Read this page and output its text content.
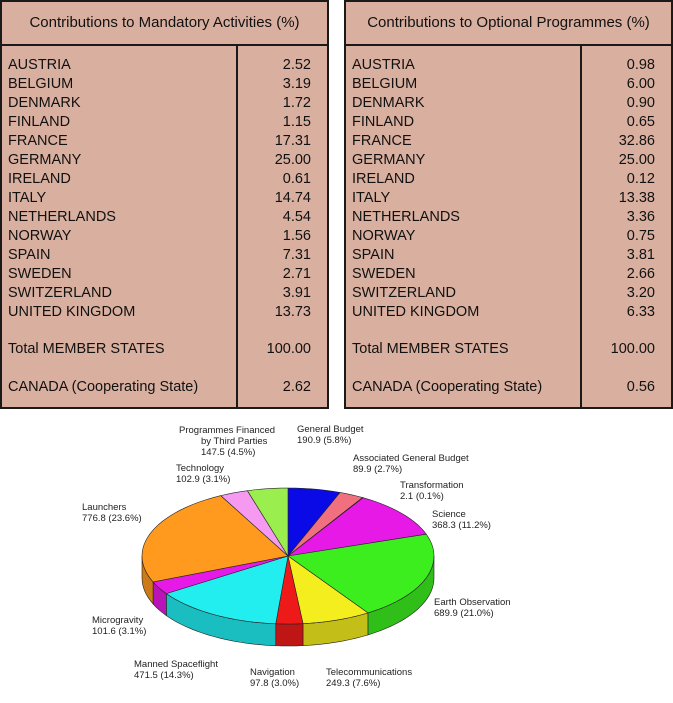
Contributions to Mandatory Activities (%)
AUSTRIA	2.52
BELGIUM	3.19
DENMARK	1.72
FINLAND	1.15
FRANCE	17.31
GERMANY	25.00
IRELAND	0.61
ITALY	14.74
NETHERLANDS	4.54
NORWAY	1.56
SPAIN	7.31
SWEDEN	2.71
SWITZERLAND	3.91
UNITED KINGDOM	13.73
Total MEMBER STATES	100.00
CANADA (Cooperating State)	2.62
Contributions to Optional Programmes (%)
AUSTRIA	0.98
BELGIUM	6.00
DENMARK	0.90
FINLAND	0.65
FRANCE	32.86
GERMANY	25.00
IRELAND	0.12
ITALY	13.38
NETHERLANDS	3.36
NORWAY	0.75
SPAIN	3.81
SWEDEN	2.66
SWITZERLAND	3.20
UNITED KINGDOM	6.33
Total MEMBER STATES	100.00
CANADA (Cooperating State)	0.56
General Budget
190.9 (5.8%)
Associated General Budget
89.9 (2.7%)
Transformation
2.1 (0.1%)
Science
368.3 (11.2%)
Earth Observation
689.9 (21.0%)
Telecommunications
249.3 (7.6%)
Navigation
97.8 (3.0%)
Manned Spaceflight
471.5 (14.3%)
Microgravity
101.6 (3.1%)
Launchers
776.8 (23.6%)
Technology
102.9 (3.1%)
Programmes Financed
by Third Parties
147.5 (4.5%)
